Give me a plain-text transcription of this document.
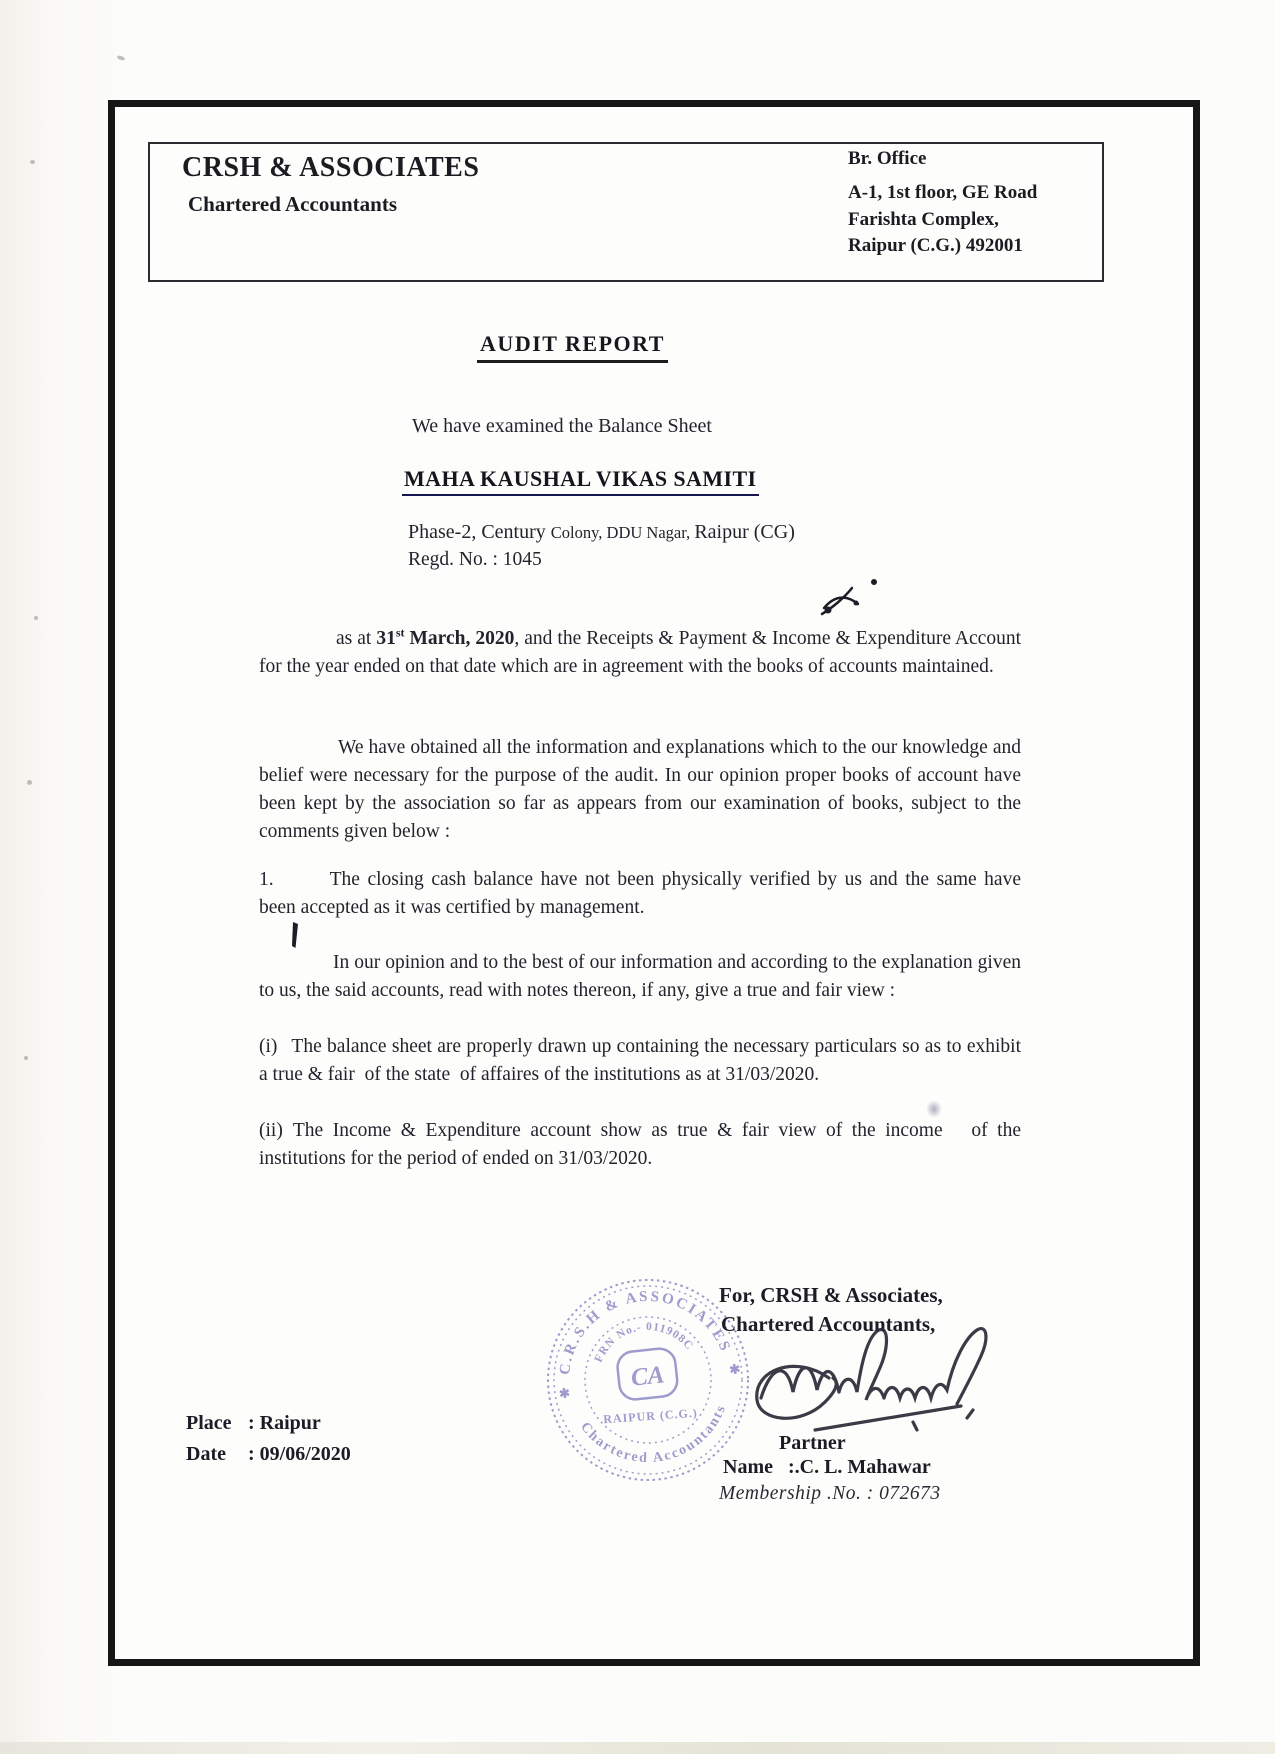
CRSH & ASSOCIATES
Chartered Accountants
Br. Office
A-1, 1st floor, GE Road
Farishta Complex,
Raipur (C.G.) 492001
AUDIT REPORT
We have examined the Balance Sheet
MAHA KAUSHAL VIKAS SAMITI
Phase-2, Century Colony, DDU Nagar, Raipur (CG)
Regd. No. : 1045

as at 31st March, 2020, and the Receipts & Payment & Income & Expenditure Account for the year ended on that date which are in agreement with the books of accounts maintained.

We have obtained all the information and explanations which to the our knowledge and belief were necessary for the purpose of the audit. In our opinion proper books of account have been kept by the association so far as appears from our examination of books, subject to the comments given below :

1.	The closing cash balance have not been physically verified by us and the same have been accepted as it was certified by management.

In our opinion and to the best of our information and according to the explanation given to us, the said accounts, read with notes thereon, if any, give a true and fair view :

(i) The balance sheet are properly drawn up containing the necessary particulars so as to exhibit a true & fair  of the state  of affaires of the institutions as at 31/03/2020.

(ii) The Income & Expenditure account show as true & fair view of the income   of the institutions for the period of ended on 31/03/2020.

C.R.S.H & ASSOCIATES
Chartered Accountants
FRN No.- 011908C
✱
✱
CA
RAIPUR (C.G.)
For, CRSH & Associates,
Chartered Accountants,
Partner
Name   :.C. L. Mahawar
Membership .No. : 072673
Place : Raipur
Date : 09/06/2020
